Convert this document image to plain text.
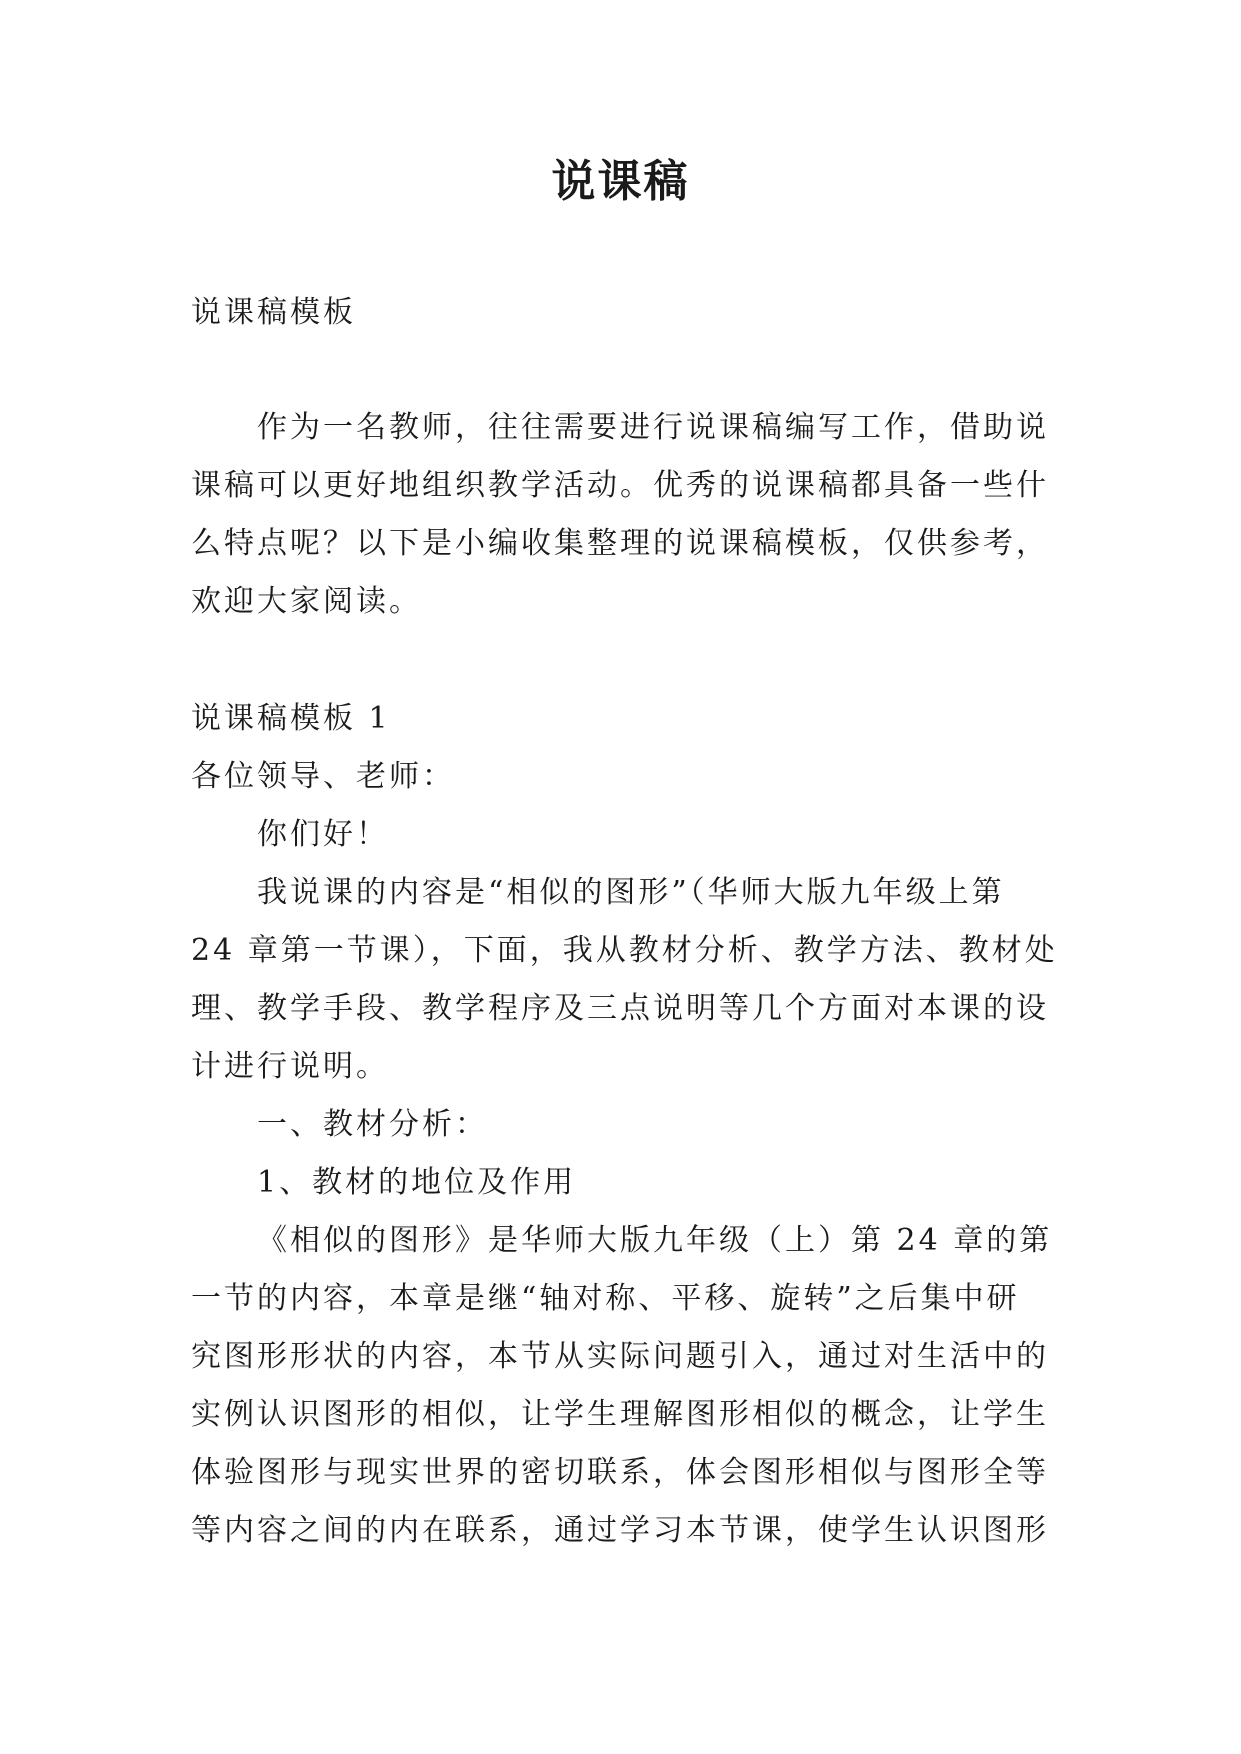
说课稿
说课稿模板
作为一名教师，往往需要进行说课稿编写工作，借助说
课稿可以更好地组织教学活动。优秀的说课稿都具备一些什
么特点呢？以下是小编收集整理的说课稿模板，仅供参考，
欢迎大家阅读。
说课稿模板 1
各位领导、老师：
你们好！
我说课的内容是“相似的图形”（华师大版九年级上第
24 章第一节课），下面，我从教材分析、教学方法、教材处
理、教学手段、教学程序及三点说明等几个方面对本课的设
计进行说明。
一、教材分析：
1、教材的地位及作用
《相似的图形》是华师大版九年级（上）第 24 章的第
一节的内容，本章是继“轴对称、平移、旋转”之后集中研
究图形形状的内容，本节从实际问题引入，通过对生活中的
实例认识图形的相似，让学生理解图形相似的概念，让学生
体验图形与现实世界的密切联系，体会图形相似与图形全等
等内容之间的内在联系，通过学习本节课，使学生认识图形
